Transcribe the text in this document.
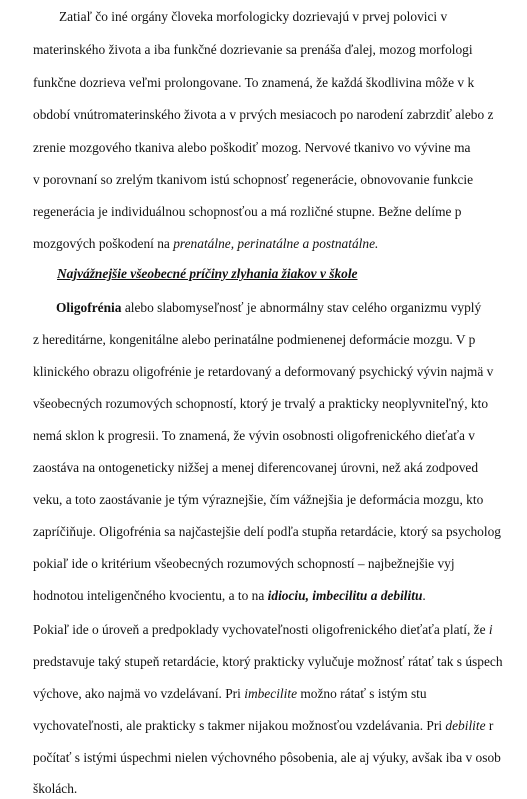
Zatiaľ čo iné orgány človeka morfologicky dozrievajú v prvej polovici v
materinského života a iba funkčné dozrievanie sa prenáša ďalej, mozog morfologi
funkčne dozrieva veľmi prolongovane. To znamená, že každá škodlivina môže v k
období vnútromaterinského života a v prvých mesiacoch po narodení zabrzdiť alebo z
zrenie mozgového tkaniva alebo poškodiť mozog. Nervové tkanivo vo vývine ma
v porovnaní so zrelým tkanivom istú schopnosť regenerácie, obnovovanie funkcie
regenerácia je individuálnou schopnosťou a má rozličné stupne. Bežne delíme p
mozgových poškodení na prenatálne, perinatálne a postnatálne.
Najvážnejšie všeobecné príčiny zlyhania žiakov v škole
Oligofrénia alebo slabomyseľnosť je abnormálny stav celého organizmu vyplý
z hereditárne, kongenitálne alebo perinatálne podmienenej deformácie mozgu. V p
klinického obrazu oligofrénie je retardovaný a deformovaný psychický vývin najmä v
všeobecných rozumových schopností, ktorý je trvalý a prakticky neoplyvniteľný, kto
nemá sklon k progresii. To znamená, že vývin osobnosti oligofrenického dieťaťa v
zaostáva na ontogeneticky nižšej a menej diferencovanej úrovni, než aká zodpoved
veku, a toto zaostávanie je tým výraznejšie, čím vážnejšia je deformácia mozgu, kto
zapríčiňuje. Oligofrénia sa najčastejšie delí podľa stupňa retardácie, ktorý sa psycholog
pokiaľ ide o kritérium všeobecných rozumových schopností – najbežnejšie vyj
hodnotou inteligenčného kvocientu, a to na idiociu, imbecilitu a debilitu.
Pokiaľ ide o úroveň a predpoklady vychovateľnosti oligofrenického dieťaťa platí, že i
predstavuje taký stupeň retardácie, ktorý prakticky vylučuje možnosť rátať tak s úspech
výchove, ako najmä vo vzdelávaní. Pri imbecilite možno rátať s istým stu
vychovateľnosti, ale prakticky s takmer nijakou možnosťou vzdelávania. Pri debilite r
počítať s istými úspechmi nielen výchovného pôsobenia, ale aj výuky, avšak iba v osob
školách.
